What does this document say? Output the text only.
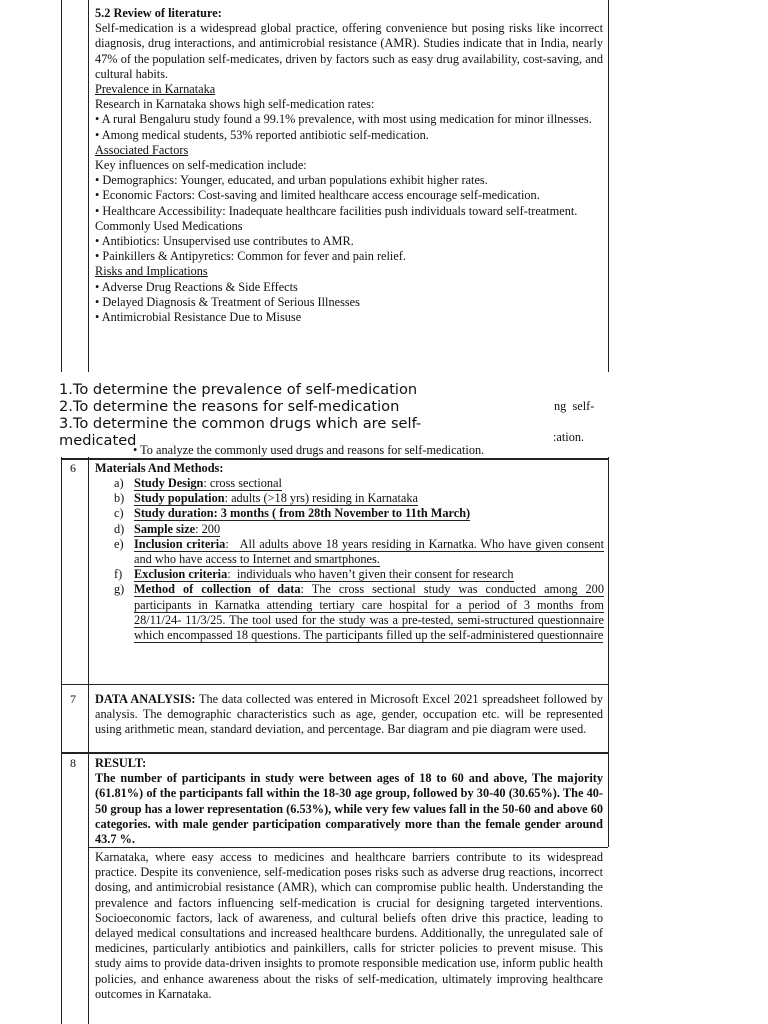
5.2 Review of literature:

Self-medication is a widespread global practice, offering convenience but posing risks like incorrect diagnosis, drug interactions, and antimicrobial resistance (AMR). Studies indicate that in India, nearly 47% of the population self-medicates, driven by factors such as easy drug availability, cost-saving, and cultural habits.

Prevalence in Karnataka

Research in Karnataka shows high self-medication rates:

• A rural Bengaluru study found a 99.1% prevalence, with most using medication for minor illnesses.

• Among medical students, 53% reported antibiotic self-medication.

Associated Factors

Key influences on self-medication include:

• Demographics: Younger, educated, and urban populations exhibit higher rates.

• Economic Factors: Cost-saving and limited healthcare access encourage self-medication.

• Healthcare Accessibility: Inadequate healthcare facilities push individuals toward self-treatment.

Commonly Used Medications

• Antibiotics: Unsupervised use contributes to AMR.

• Painkillers & Antipyretics: Common for fever and pain relief.

Risks and Implications

• Adverse Drug Reactions & Side Effects

• Delayed Diagnosis & Treatment of Serious Illnesses

• Antimicrobial Resistance Due to Misuse

1.To determine the prevalence of self-medication

2.To determine the reasons for self-medication

3.To determine the common drugs which are self-

medicated

ng  self-
:ation.
• To analyze the commonly used drugs and reasons for self-medication.
6 Materials And Methods:
a) Study Design: cross sectional
b) Study population: adults (>18 yrs) residing in Karnataka
c) Study duration: 3 months ( from 28th November to 11th March)
d) Sample size: 200
e) Inclusion criteria:   All adults above 18 years residing in Karnatka. Who have given consent and who have access to Internet and smartphones.
f) Exclusion criteria:  individuals who haven’t given their consent for research
g) Method of collection of data: The cross sectional study was conducted among 200 participants in Karnatka attending tertiary care hospital for a period of 3 months from 28/11/24- 11/3/25. The tool used for the study was a pre-tested, semi-structured questionnaire which encompassed 18 questions. The participants filled up the self-administered questionnaire
7 DATA ANALYSIS: The data collected was entered in Microsoft Excel 2021 spreadsheet followed by analysis. The demographic characteristics such as age, gender, occupation etc. will be represented using arithmetic mean, standard deviation, and percentage. Bar diagram and pie diagram were used.
8 RESULT:

The number of participants in study were between ages of 18 to 60 and above, The majority (61.81%) of the participants fall within the 18-30 age group, followed by 30-40 (30.65%). The 40-50 group has a lower representation (6.53%), while very few values fall in the 50-60 and above 60 categories. with male gender participation comparatively more than the female gender around 43.7 %.

Karnataka, where easy access to medicines and healthcare barriers contribute to its widespread practice. Despite its convenience, self-medication poses risks such as adverse drug reactions, incorrect dosing, and antimicrobial resistance (AMR), which can compromise public health. Understanding the prevalence and factors influencing self-medication is crucial for designing targeted interventions. Socioeconomic factors, lack of awareness, and cultural beliefs often drive this practice, leading to delayed medical consultations and increased healthcare burdens. Additionally, the unregulated sale of medicines, particularly antibiotics and painkillers, calls for stricter policies to prevent misuse. This study aims to provide data-driven insights to promote responsible medication use, inform public health policies, and enhance awareness about the risks of self-medication, ultimately improving healthcare outcomes in Karnataka.
